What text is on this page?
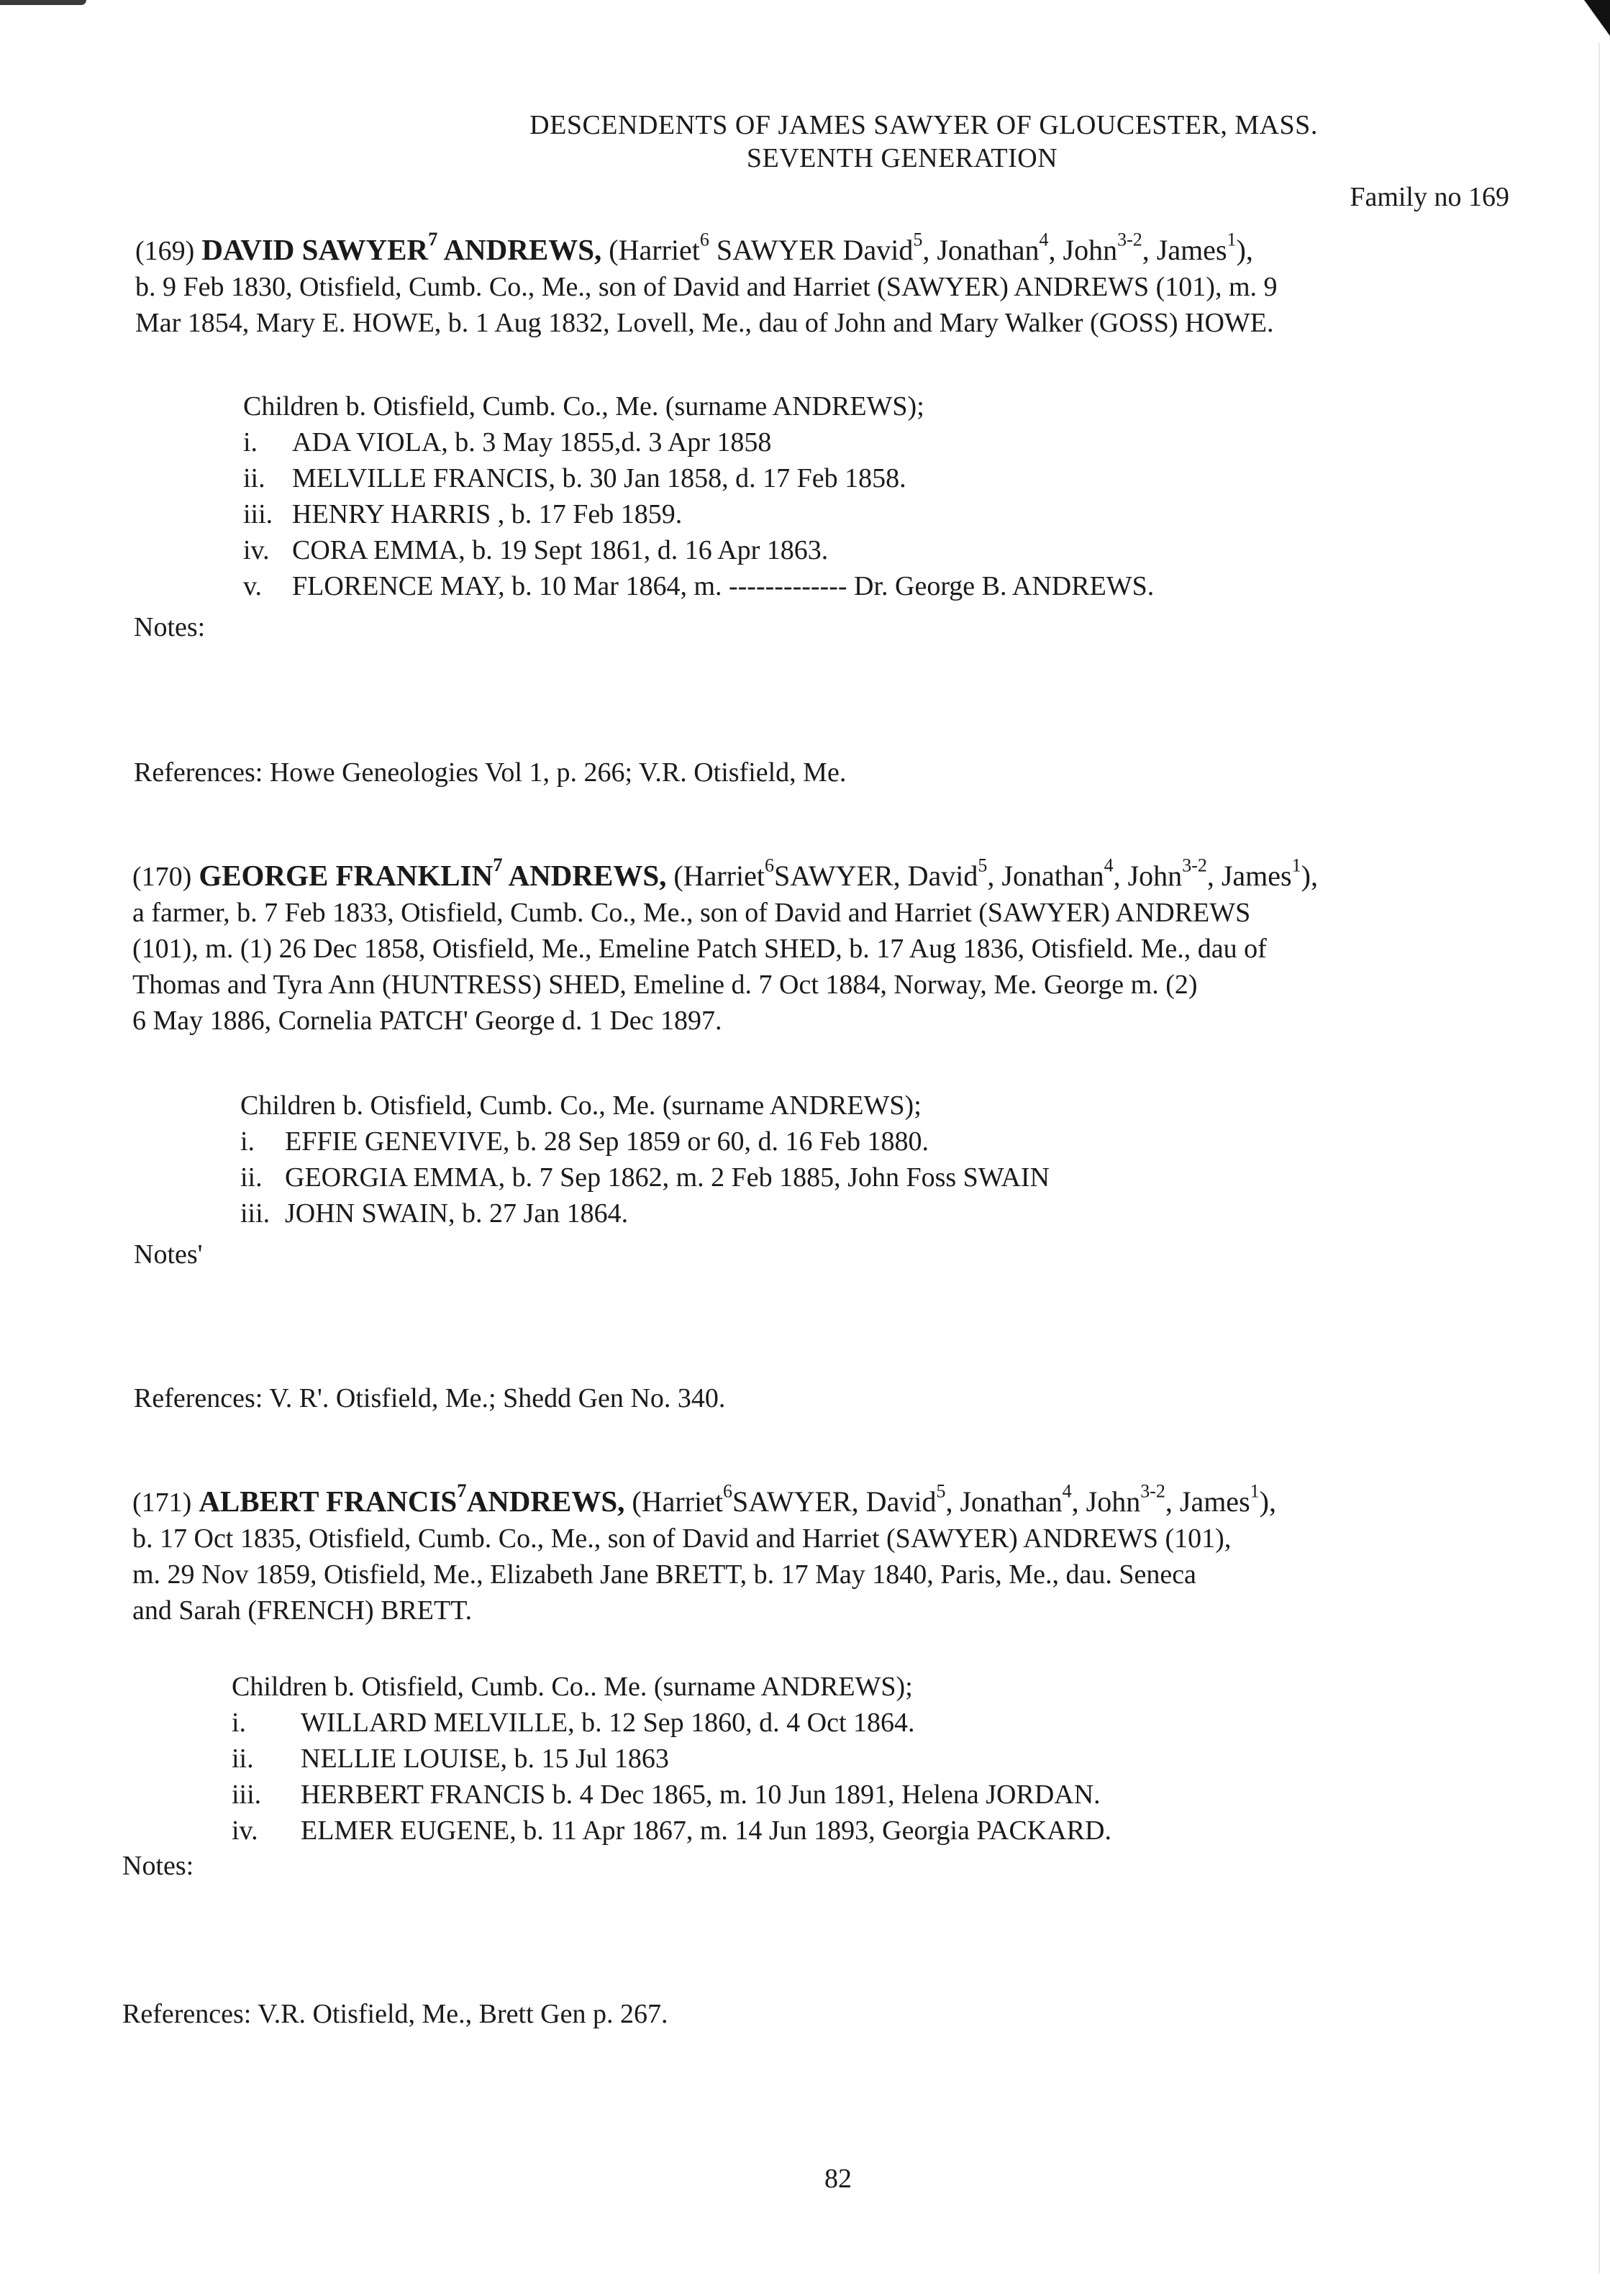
DESCENDENTS OF JAMES SAWYER OF GLOUCESTER, MASS.
SEVENTH GENERATION
Family no 169
(169) DAVID SAWYER$^7$ ANDREWS, (Harriet$^6$ SAWYER David$^5$, Jonathan$^4$, John$^{3-2}$, James$^1$),
b. 9 Feb 1830, Otisfield, Cumb. Co., Me., son of David and Harriet (SAWYER) ANDREWS (101), m. 9
Mar 1854, Mary E. HOWE, b. 1 Aug 1832, Lovell, Me., dau of John and Mary Walker (GOSS) HOWE.
Children b. Otisfield, Cumb. Co., Me. (surname ANDREWS);
i. ADA VIOLA, b. 3 May 1855,d. 3 Apr 1858
ii. MELVILLE FRANCIS, b. 30 Jan 1858, d. 17 Feb 1858.
iii. HENRY HARRIS , b. 17 Feb 1859.
iv. CORA EMMA, b. 19 Sept 1861, d. 16 Apr 1863.
v. FLORENCE MAY, b. 10 Mar 1864, m. ------------- Dr. George B. ANDREWS.
Notes:
References: Howe Geneologies Vol 1, p. 266; V.R. Otisfield, Me.
(170) GEORGE FRANKLIN$^7$ ANDREWS, (Harriet$^6$SAWYER, David$^5$, Jonathan$^4$, John$^{3-2}$, James$^1$),
a farmer, b. 7 Feb 1833, Otisfield, Cumb. Co., Me., son of David and Harriet (SAWYER) ANDREWS
(101), m. (1) 26 Dec 1858, Otisfield, Me., Emeline Patch SHED, b. 17 Aug 1836, Otisfield. Me., dau of
Thomas and Tyra Ann (HUNTRESS) SHED, Emeline d. 7 Oct 1884, Norway, Me. George m. (2)
6 May 1886, Cornelia PATCH' George d. 1 Dec 1897.
Children b. Otisfield, Cumb. Co., Me. (surname ANDREWS);
i. EFFIE GENEVIVE, b. 28 Sep 1859 or 60, d. 16 Feb 1880.
ii. GEORGIA EMMA, b. 7 Sep 1862, m. 2 Feb 1885, John Foss SWAIN
iii. JOHN SWAIN, b. 27 Jan 1864.
Notes'
References: V. R'. Otisfield, Me.; Shedd Gen No. 340.
(171) ALBERT FRANCIS$^7$ANDREWS, (Harriet$^6$SAWYER, David$^5$, Jonathan$^4$, John$^{3-2}$, James$^1$),
b. 17 Oct 1835, Otisfield, Cumb. Co., Me., son of David and Harriet (SAWYER) ANDREWS (101),
m. 29 Nov 1859, Otisfield, Me., Elizabeth Jane BRETT, b. 17 May 1840, Paris, Me., dau. Seneca
and Sarah (FRENCH) BRETT.
Children b. Otisfield, Cumb. Co.. Me. (surname ANDREWS);
i. WILLARD MELVILLE, b. 12 Sep 1860, d. 4 Oct 1864.
ii. NELLIE LOUISE, b. 15 Jul 1863
iii. HERBERT FRANCIS b. 4 Dec 1865, m. 10 Jun 1891, Helena JORDAN.
iv. ELMER EUGENE, b. 11 Apr 1867, m. 14 Jun 1893, Georgia PACKARD.
Notes:
References: V.R. Otisfield, Me., Brett Gen p. 267.
82
